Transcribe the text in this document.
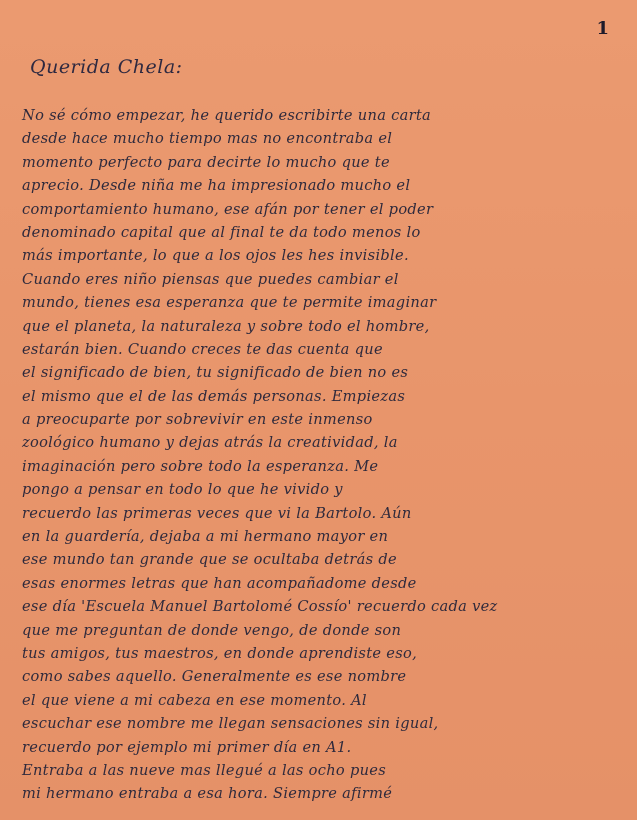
1
Querida Chela:
No sé cómo empezar, he querido escribirte una carta
desde hace mucho tiempo mas no encontraba el
momento perfecto para decirte lo mucho que te
aprecio. Desde niña me ha impresionado mucho el
comportamiento humano, ese afán por tener el poder
denominado capital que al final te da todo menos lo
más importante, lo que a los ojos les hes invisible.
Cuando eres niño piensas que puedes cambiar el
mundo, tienes esa esperanza que te permite imaginar
que el planeta, la naturaleza y sobre todo el hombre,
estarán bien. Cuando creces te das cuenta que
el significado de bien, tu significado de bien no es
el mismo que el de las demás personas. Empiezas
a preocuparte por sobrevivir en este inmenso
zoológico humano y dejas atrás la creatividad, la
imaginación pero sobre todo la esperanza. Me
pongo a pensar en todo lo que he vivido y
recuerdo las primeras veces que vi la Bartolo. Aún
en la guardería, dejaba a mi hermano mayor en
ese mundo tan grande que se ocultaba detrás de
esas enormes letras que han acompañadome desde
ese día 'Escuela Manuel Bartolomé Cossío' recuerdo cada vez
que me preguntan de donde vengo, de donde son
tus amigos, tus maestros, en donde aprendiste eso,
como sabes aquello. Generalmente es ese nombre
el que viene a mi cabeza en ese momento. Al
escuchar ese nombre me llegan sensaciones sin igual,
recuerdo por ejemplo mi primer día en A1.
Entraba a las nueve mas llegué a las ocho pues
mi hermano entraba a esa hora. Siempre afirmé
